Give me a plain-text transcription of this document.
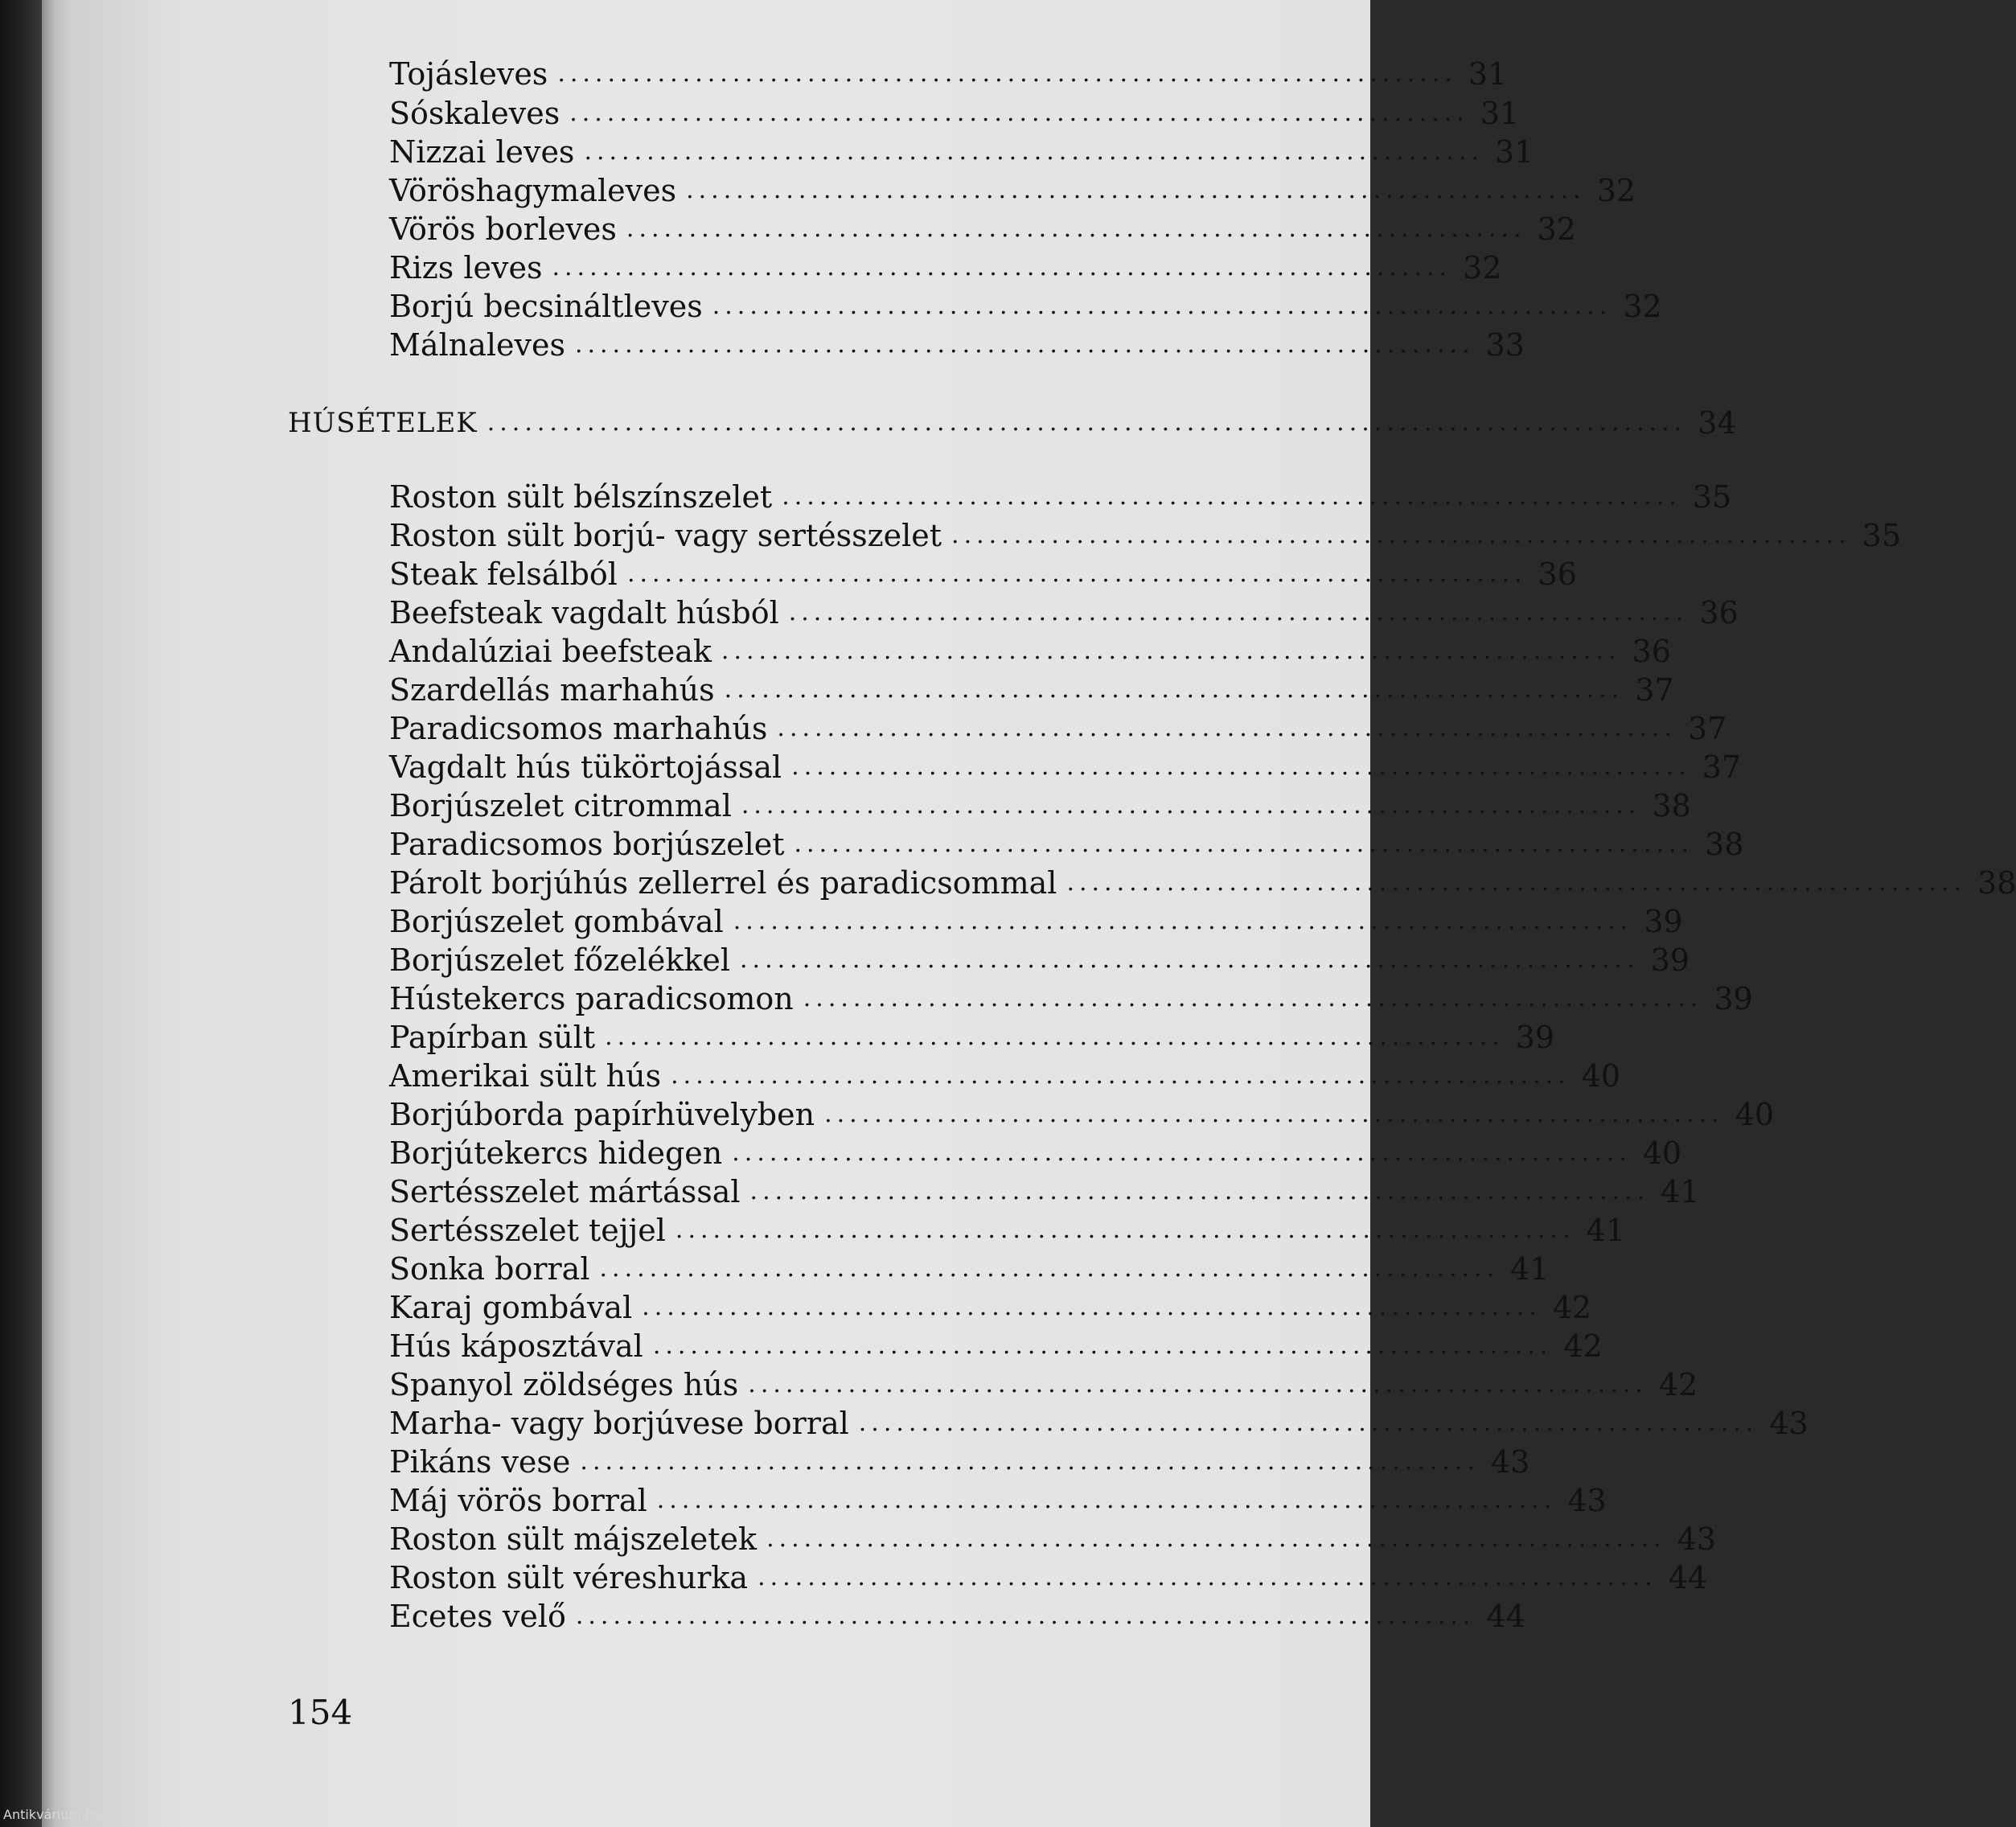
Tojásleves ........................................................................ 31
Sóskaleves ........................................................................ 31
Nizzai leves ........................................................................ 31
Vöröshagymaleves ........................................................................ 32
Vörös borleves ........................................................................ 32
Rizs leves ........................................................................ 32
Borjú becsináltleves ........................................................................ 32
Málnaleves ........................................................................ 33
HÚSÉTELEK ................................................................................................ 34
Roston sült bélszínszelet ........................................................................ 35
Roston sült borjú- vagy sertésszelet ........................................................................ 35
Steak felsálból ........................................................................ 36
Beefsteak vagdalt húsból ........................................................................ 36
Andalúziai beefsteak ........................................................................ 36
Szardellás marhahús ........................................................................ 37
Paradicsomos marhahús ........................................................................ 37
Vagdalt hús tükörtojással ........................................................................ 37
Borjúszelet citrommal ........................................................................ 38
Paradicsomos borjúszelet ........................................................................ 38
Párolt borjúhús zellerrel és paradicsommal ........................................................................ 38
Borjúszelet gombával ........................................................................ 39
Borjúszelet főzelékkel ........................................................................ 39
Hústekercs paradicsomon ........................................................................ 39
Papírban sült ........................................................................ 39
Amerikai sült hús ........................................................................ 40
Borjúborda papírhüvelyben ........................................................................ 40
Borjútekercs hidegen ........................................................................ 40
Sertésszelet mártással ........................................................................ 41
Sertésszelet tejjel ........................................................................ 41
Sonka borral ........................................................................ 41
Karaj gombával ........................................................................ 42
Hús káposztával ........................................................................ 42
Spanyol zöldséges hús ........................................................................ 42
Marha- vagy borjúvese borral ........................................................................ 43
Pikáns vese ........................................................................ 43
Máj vörös borral ........................................................................ 43
Roston sült májszeletek ........................................................................ 43
Roston sült véreshurka ........................................................................ 44
Ecetes velő ........................................................................ 44
154
Antikvárium.hu
